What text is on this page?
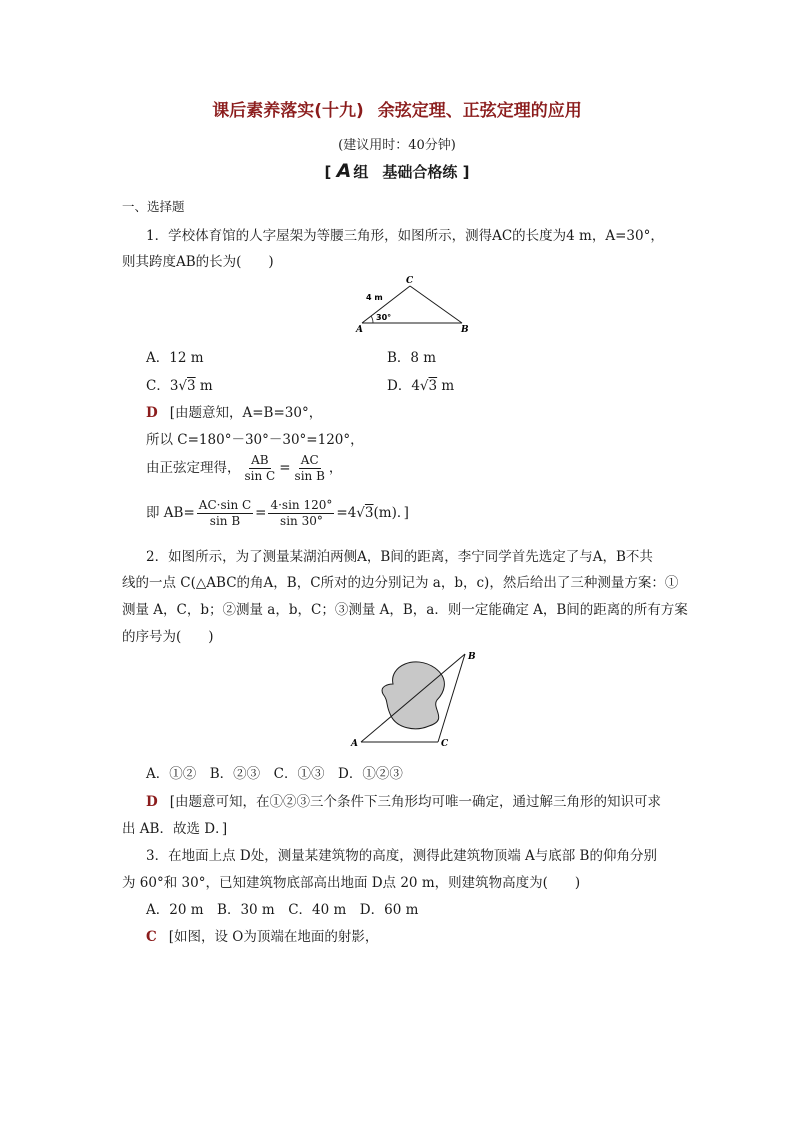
课后素养落实(十九) 余弦定理、正弦定理的应用
(建议用时：40分钟)
[ A 组 基础合格练 ]
一、选择题
1．学校体育馆的人字屋架为等腰三角形，如图所示，测得AC的长度为4 m，A=30°，
则其跨度AB的长为(　　)
C
A	B
4 m
30°
A．12 m	B．8 m
C．3√3 m	D．4√3 m
D [由题意知，A=B=30°，
所以 C=180°－30°－30°=120°，
由正弦定理得， $\frac{AB}{\text{sin C}} = \frac{AC}{\text{sin B}}$ ，
即 $AB= \frac{\text{AC·sin C}}{\text{sin B}} = \frac{4\cdot\sin 120^\circ}{\sin 30^\circ} =4√3(m)$．]
2．如图所示，为了测量某湖泊两侧A，B间的距离，李宁同学首先选定了与A，B不共
线的一点 C(△ABC的角A，B，C所对的边分别记为 a，b，c)，然后给出了三种测量方案：①
测量 A，C，b；②测量 a，b，C；③测量 A，B，a．则一定能确定 A，B间的距离的所有方案
的序号为(　　)
A
B
C
A．①②　B．②③　C．①③　D．①②③
D [由题意可知，在①②③三个条件下三角形均可唯一确定，通过解三角形的知识可求
出 AB．故选 D．]
3．在地面上点 D处，测量某建筑物的高度，测得此建筑物顶端 A与底部 B的仰角分别
为 60°和 30°，已知建筑物底部高出地面 D点 20 m，则建筑物高度为(　　)
A．20 m　B．30 m　C．40 m　D．60 m
C [如图，设 O为顶端在地面的射影，
